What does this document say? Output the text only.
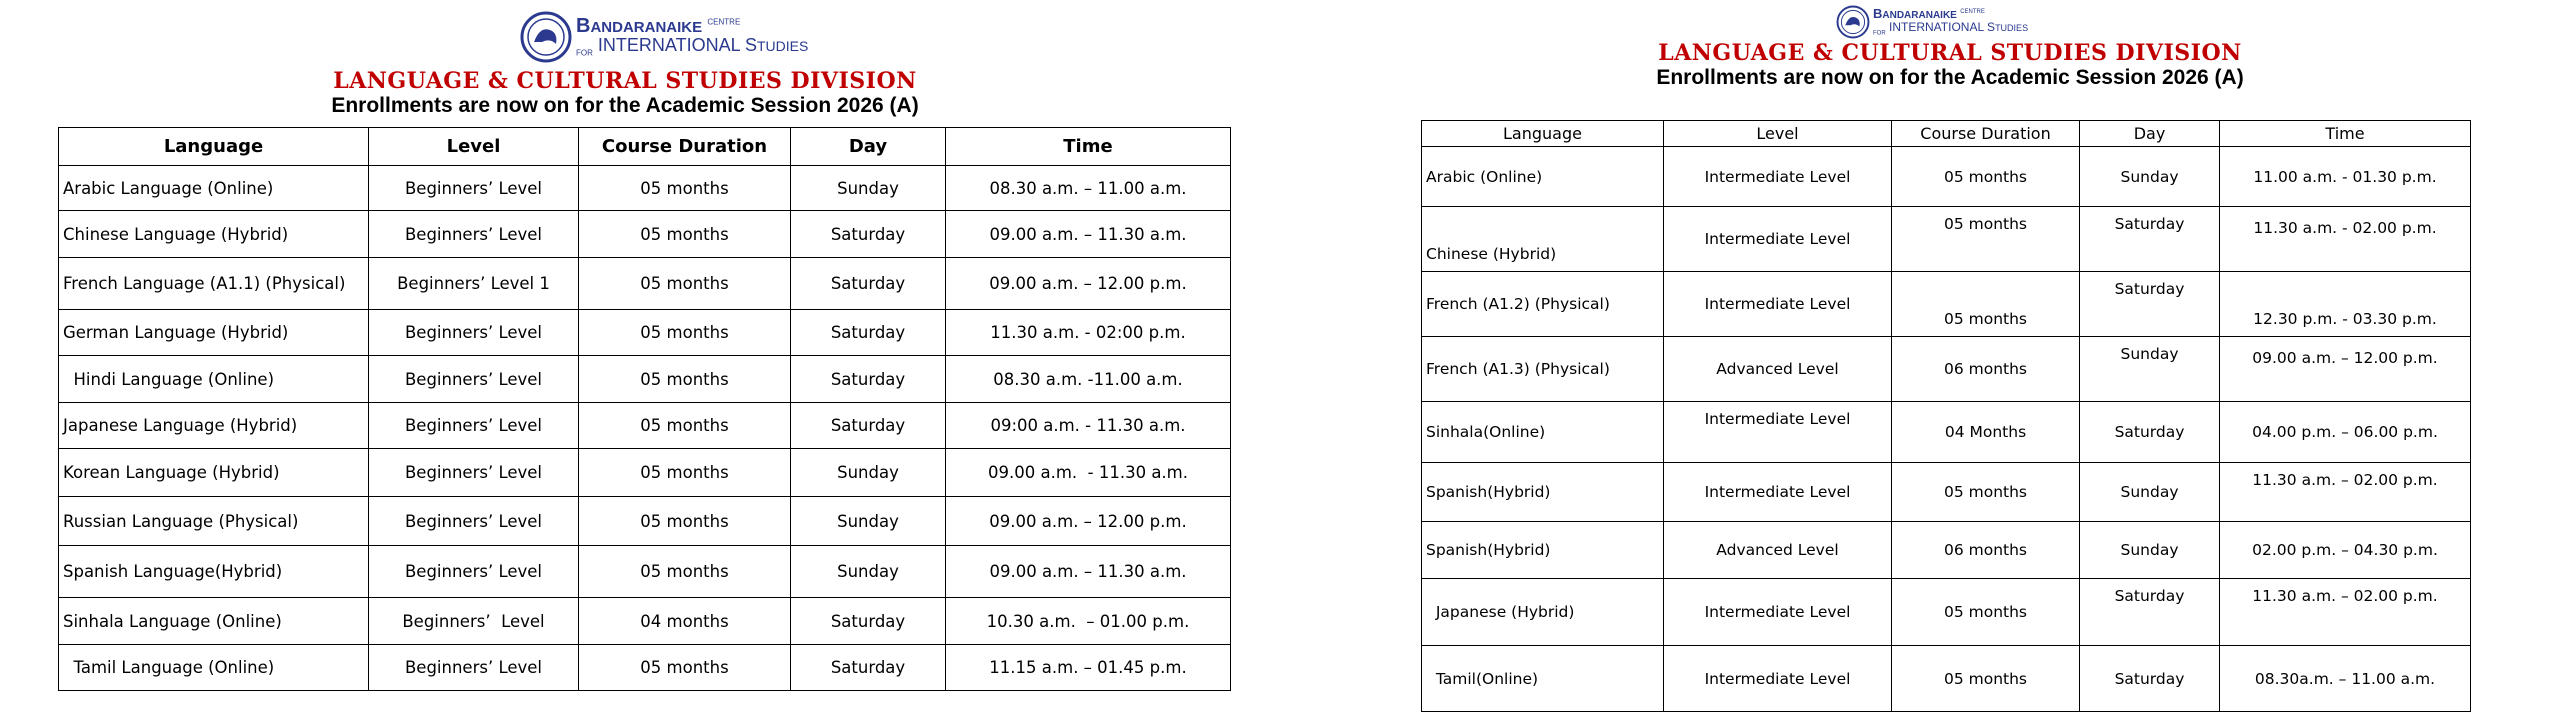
BANDARANAIKE $^{CENTRE}$
$_{FOR}$ INTERNATIONAL STUDIES
LANGUAGE & CULTURAL STUDIES DIVISION
Enrollments are now on for the Academic Session 2026 (A)
Language	Level	Course Duration	Day	Time
Arabic Language (Online)	Beginners’ Level	05 months	Sunday	08.30 a.m. – 11.00 a.m.
Chinese Language (Hybrid)	Beginners’ Level	05 months	Saturday	09.00 a.m. – 11.30 a.m.
French Language (A1.1) (Physical)	Beginners’ Level 1	05 months	Saturday	09.00 a.m. – 12.00 p.m.
German Language (Hybrid)	Beginners’ Level	05 months	Saturday	11.30 a.m. - 02:00 p.m.
Hindi Language (Online)	Beginners’ Level	05 months	Saturday	08.30 a.m. -11.00 a.m.
Japanese Language (Hybrid)	Beginners’ Level	05 months	Saturday	09:00 a.m. - 11.30 a.m.
Korean Language (Hybrid)	Beginners’ Level	05 months	Sunday	09.00 a.m.  - 11.30 a.m.
Russian Language (Physical)	Beginners’ Level	05 months	Sunday	09.00 a.m. – 12.00 p.m.
Spanish Language(Hybrid)	Beginners’ Level	05 months	Sunday	09.00 a.m. – 11.30 a.m.
Sinhala Language (Online)	Beginners’  Level	04 months	Saturday	10.30 a.m.  – 01.00 p.m.
Tamil Language (Online)	Beginners’ Level	05 months	Saturday	11.15 a.m. – 01.45 p.m.
BANDARANAIKE $^{CENTRE}$
$_{FOR}$ INTERNATIONAL STUDIES
LANGUAGE & CULTURAL STUDIES DIVISION
Enrollments are now on for the Academic Session 2026 (A)
Language	Level	Course Duration	Day	Time
Arabic (Online)	Intermediate Level	05 months	Sunday	11.00 a.m. - 01.30 p.m.
Chinese (Hybrid)	Intermediate Level	05 months	Saturday	11.30 a.m. - 02.00 p.m.
French (A1.2) (Physical)	Intermediate Level	05 months	Saturday	12.30 p.m. - 03.30 p.m.
French (A1.3) (Physical)	Advanced Level	06 months	Sunday	09.00 a.m. – 12.00 p.m.
Sinhala(Online)	Intermediate Level	04 Months	Saturday	04.00 p.m. – 06.00 p.m.
Spanish(Hybrid)	Intermediate Level	05 months	Sunday	11.30 a.m. – 02.00 p.m.
Spanish(Hybrid)	Advanced Level	06 months	Sunday	02.00 p.m. – 04.30 p.m.
Japanese (Hybrid)	Intermediate Level	05 months	Saturday	11.30 a.m. – 02.00 p.m.
Tamil(Online)	Intermediate Level	05 months	Saturday	08.30a.m. – 11.00 a.m.
